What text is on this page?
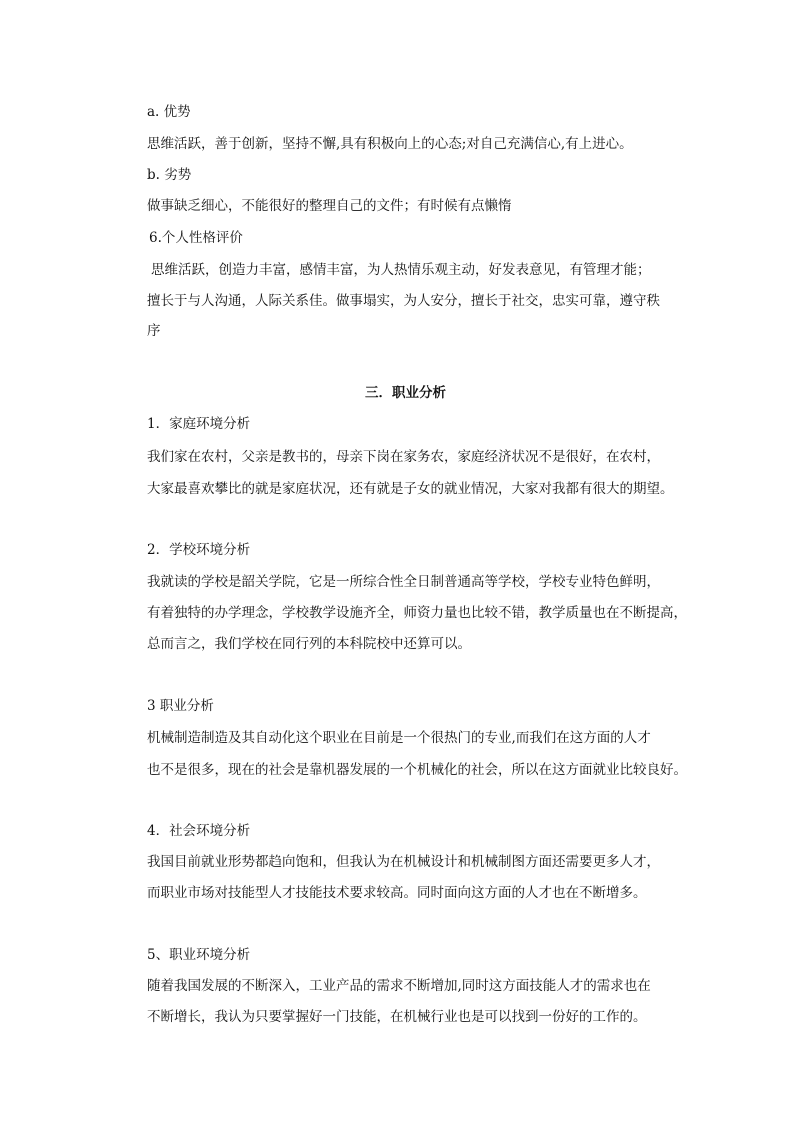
a. 优势
思维活跃，善于创新，坚持不懈,具有积极向上的心态;对自己充满信心,有上进心。
b. 劣势
做事缺乏细心，不能很好的整理自己的文件；有时候有点懒惰
6.个人性格评价
思维活跃，创造力丰富，感情丰富，为人热情乐观主动，好发表意见，有管理才能；
擅长于与人沟通，人际关系佳。做事塌实，为人安分，擅长于社交，忠实可靠，遵守秩
序
三．职业分析
1．家庭环境分析
我们家在农村，父亲是教书的，母亲下岗在家务农，家庭经济状况不是很好，在农村，
大家最喜欢攀比的就是家庭状况，还有就是子女的就业情况，大家对我都有很大的期望。
2．学校环境分析
我就读的学校是韶关学院，它是一所综合性全日制普通高等学校，学校专业特色鲜明，
有着独特的办学理念，学校教学设施齐全，师资力量也比较不错，教学质量也在不断提高，
总而言之，我们学校在同行列的本科院校中还算可以。
3 职业分析
机械制造制造及其自动化这个职业在目前是一个很热门的专业,而我们在这方面的人才
也不是很多，现在的社会是靠机器发展的一个机械化的社会，所以在这方面就业比较良好。
4．社会环境分析
我国目前就业形势都趋向饱和，但我认为在机械设计和机械制图方面还需要更多人才，
而职业市场对技能型人才技能技术要求较高。同时面向这方面的人才也在不断增多。
5、职业环境分析
随着我国发展的不断深入，工业产品的需求不断增加,同时这方面技能人才的需求也在
不断增长，我认为只要掌握好一门技能，在机械行业也是可以找到一份好的工作的。
